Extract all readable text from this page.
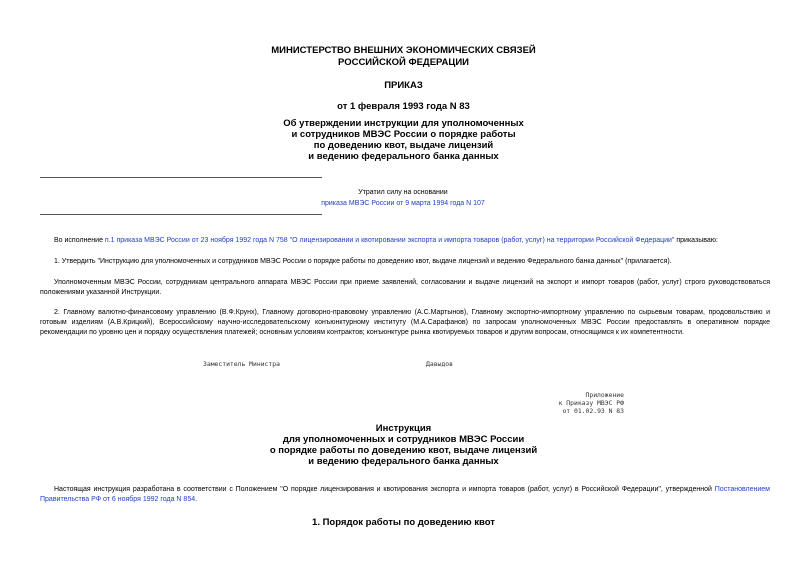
МИНИСТЕРСТВО ВНЕШНИХ ЭКОНОМИЧЕСКИХ СВЯЗЕЙ
РОССИЙСКОЙ ФЕДЕРАЦИИ
ПРИКАЗ
от 1 февраля 1993 года N 83
Об утверждении инструкции для уполномоченных
и сотрудников МВЭС России о порядке работы
по доведению квот, выдаче лицензий
и ведению федерального банка данных
Утратил силу на основании
приказа МВЭС России от 9 марта 1994 года N 107
Во исполнение п.1 приказа МВЭС России от 23 ноября 1992 года N 758 "О лицензировании и квотировании экспорта и импорта товаров (работ, услуг) на территории Российской Федерации" приказываю:
1. Утвердить "Инструкцию для уполномоченных и сотрудников МВЭС России о порядке работы по доведению квот, выдаче лицензий и ведению Федерального банка данных" (прилагается).
Уполномоченным МВЭС России, сотрудникам центрального аппарата МВЭС России при приеме заявлений, согласовании и выдаче лицензий на экспорт и импорт товаров (работ, услуг) строго руководствоваться положениями указанной Инструкции.
2. Главному валютно-финансовому управлению (В.Ф.Крунх), Главному договорно-правовому управлению (А.С.Мартынов), Главному экспортно-импортному управлению по сырьевым товарам, продовольствию и готовым изделиям (А.В.Крицкий), Всероссийскому научно-исследовательскому конъюнктурному институту (М.А.Сарафанов) по запросам уполномоченных МВЭС России предоставлять в оперативном порядке рекомендации по уровню цен и порядку осуществления платежей; основным условиям контрактов; конъюнктуре рынка квотируемых товаров и другим вопросам, относящимся к их компетентности.
Заместитель Министра	Давыдов
Приложение
к Приказу МВЭС РФ
от 01.02.93 N 83
Инструкция
для уполномоченных и сотрудников МВЭС России
о порядке работы по доведению квот, выдаче лицензий
и ведению федерального банка данных
Настоящая инструкция разработана в соответствии с Положением "О порядке лицензирования и квотирования экспорта и импорта товаров (работ, услуг) в Российской Федерации", утвержденной Постановлением Правительства РФ от 6 ноября 1992 года N 854.
1. Порядок работы по доведению квот
